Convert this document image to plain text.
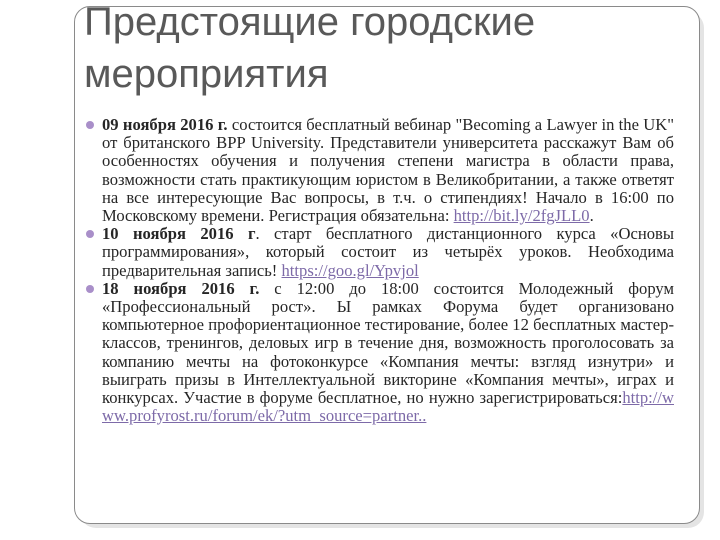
Предстоящие городские мероприятия
09 ноября 2016 г. состоится бесплатный вебинар "Becoming a Lawyer in the UK" от британского BPP University. Представители университета расскажут Вам об особенностях обучения и получения степени магистра в области права, возможности стать практикующим юристом в Великобритании, а также ответят на все интересующие Вас вопросы, в т.ч. о стипендиях! Начало в 16:00 по Московскому времени. Регистрация обязательна: http://bit.ly/2fgJLL0.
10 ноября 2016 г. старт бесплатного дистанционного курса «Основы программирования», который состоит из четырёх уроков. Необходима предварительная запись! https://goo.gl/Ypvjol
18 ноября 2016 г. с 12:00 до 18:00 состоится Молодежный форум «Профессиональный рост». Ы рамках Форума будет организовано компьютерное профориентационное тестирование, более 12 бесплатных мастер-классов, тренингов, деловых игр в течение дня, возможность проголосовать за компанию мечты на фотоконкурсе «Компания мечты: взгляд изнутри» и выиграть призы в Интеллектуальной викторине «Компания мечты», играх и конкурсах. Участие в форуме бесплатное, но нужно зарегистрироваться:http://www.profyrost.ru/forum/ek/?utm_source=partner..
